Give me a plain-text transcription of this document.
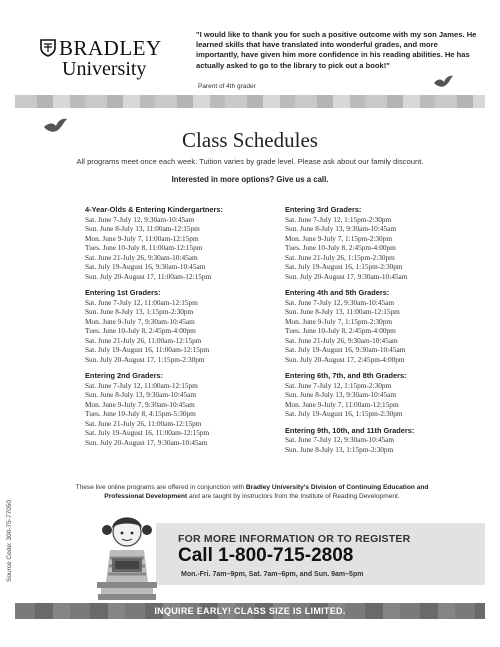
BRADLEY
University
"I would like to thank you for such a positive outcome with my son James. He learned skills that have translated into wonderful grades, and more importantly, have given him more confidence in his reading abilities. He has actually asked to go to the library to pick out a book!"
Parent of 4th grader
Class Schedules
All programs meet once each week. Tuition varies by grade level. Please ask about our family discount.
Interested in more options? Give us a call.
4-Year-Olds & Entering Kindergartners:
Sat. June 7-July 12, 9:30am-10:45am
Sun. June 8-July 13, 11:00am-12:15pm
Mon. June 9-July 7, 11:00am-12:15pm
Tues. June 10-July 8, 11:00am-12:15pm
Sat. June 21-July 26, 9:30am-10:45am
Sat. July 19-August 16, 9:30am-10:45am
Sun. July 20-August 17, 11:00am-12:15pm
Entering 1st Graders:
Sat. June 7-July 12, 11:00am-12:15pm
Sun. June 8-July 13, 1:15pm-2:30pm
Mon. June 9-July 7, 9:30am-10:45am
Tues. June 10-July 8, 2:45pm-4:00pm
Sat. June 21-July 26, 11:00am-12:15pm
Sat. July 19-August 16, 11:00am-12:15pm
Sun. July 20-August 17, 1:15pm-2:30pm
Entering 2nd Graders:
Sat. June 7-July 12, 11:00am-12:15pm
Sun. June 8-July 13, 9:30am-10:45am
Mon. June 9-July 7, 9:30am-10:45am
Tues. June 10-July 8, 4:15pm-5:30pm
Sat. June 21-July 26, 11:00am-12:15pm
Sat. July 19-August 16, 11:00am-12:15pm
Sun. July 20-August 17, 9:30am-10:45am
Entering 3rd Graders:
Sat. June 7-July 12, 1:15pm-2:30pm
Sun. June 8-July 13, 9:30am-10:45am
Mon. June 9-July 7, 1:15pm-2:30pm
Tues. June 10-July 8, 2:45pm-4:00pm
Sat. June 21-July 26, 1:15pm-2:30pm
Sat. July 19-August 16, 1:15pm-2:30pm
Sun. July 20-August 17, 9:30am-10:45am
Entering 4th and 5th Graders:
Sat. June 7-July 12, 9:30am-10:45am
Sun. June 8-July 13, 11:00am-12:15pm
Mon. June 9-July 7, 1:15pm-2:30pm
Tues. June 10-July 8, 2:45pm-4:00pm
Sat. June 21-July 26, 9:30am-10:45am
Sat. July 19-August 16, 9:30am-10:45am
Sun. July 20-August 17, 2:45pm-4:00pm
Entering 6th, 7th, and 8th Graders:
Sat. June 7-July 12, 1:15pm-2:30pm
Sun. June 8-July 13, 9:30am-10:45am
Mon. June 9-July 7, 11:00am-12:15pm
Sat. July 19-August 16, 1:15pm-2:30pm
Entering 9th, 10th, and 11th Graders:
Sat. June 7-July 12, 9:30am-10:45am
Sun. June 8-July 13, 1:15pm-2:30pm
Source Code: 300-75-77050
These live online programs are offered in conjunction with Bradley University's Division of Continuing Education and Professional Development and are taught by instructors from the Institute of Reading Development.
FOR MORE INFORMATION OR TO REGISTER
Call 1-800-715-2808
Mon.-Fri. 7am–9pm, Sat. 7am–6pm, and Sun. 9am–5pm
INQUIRE EARLY! CLASS SIZE IS LIMITED.
